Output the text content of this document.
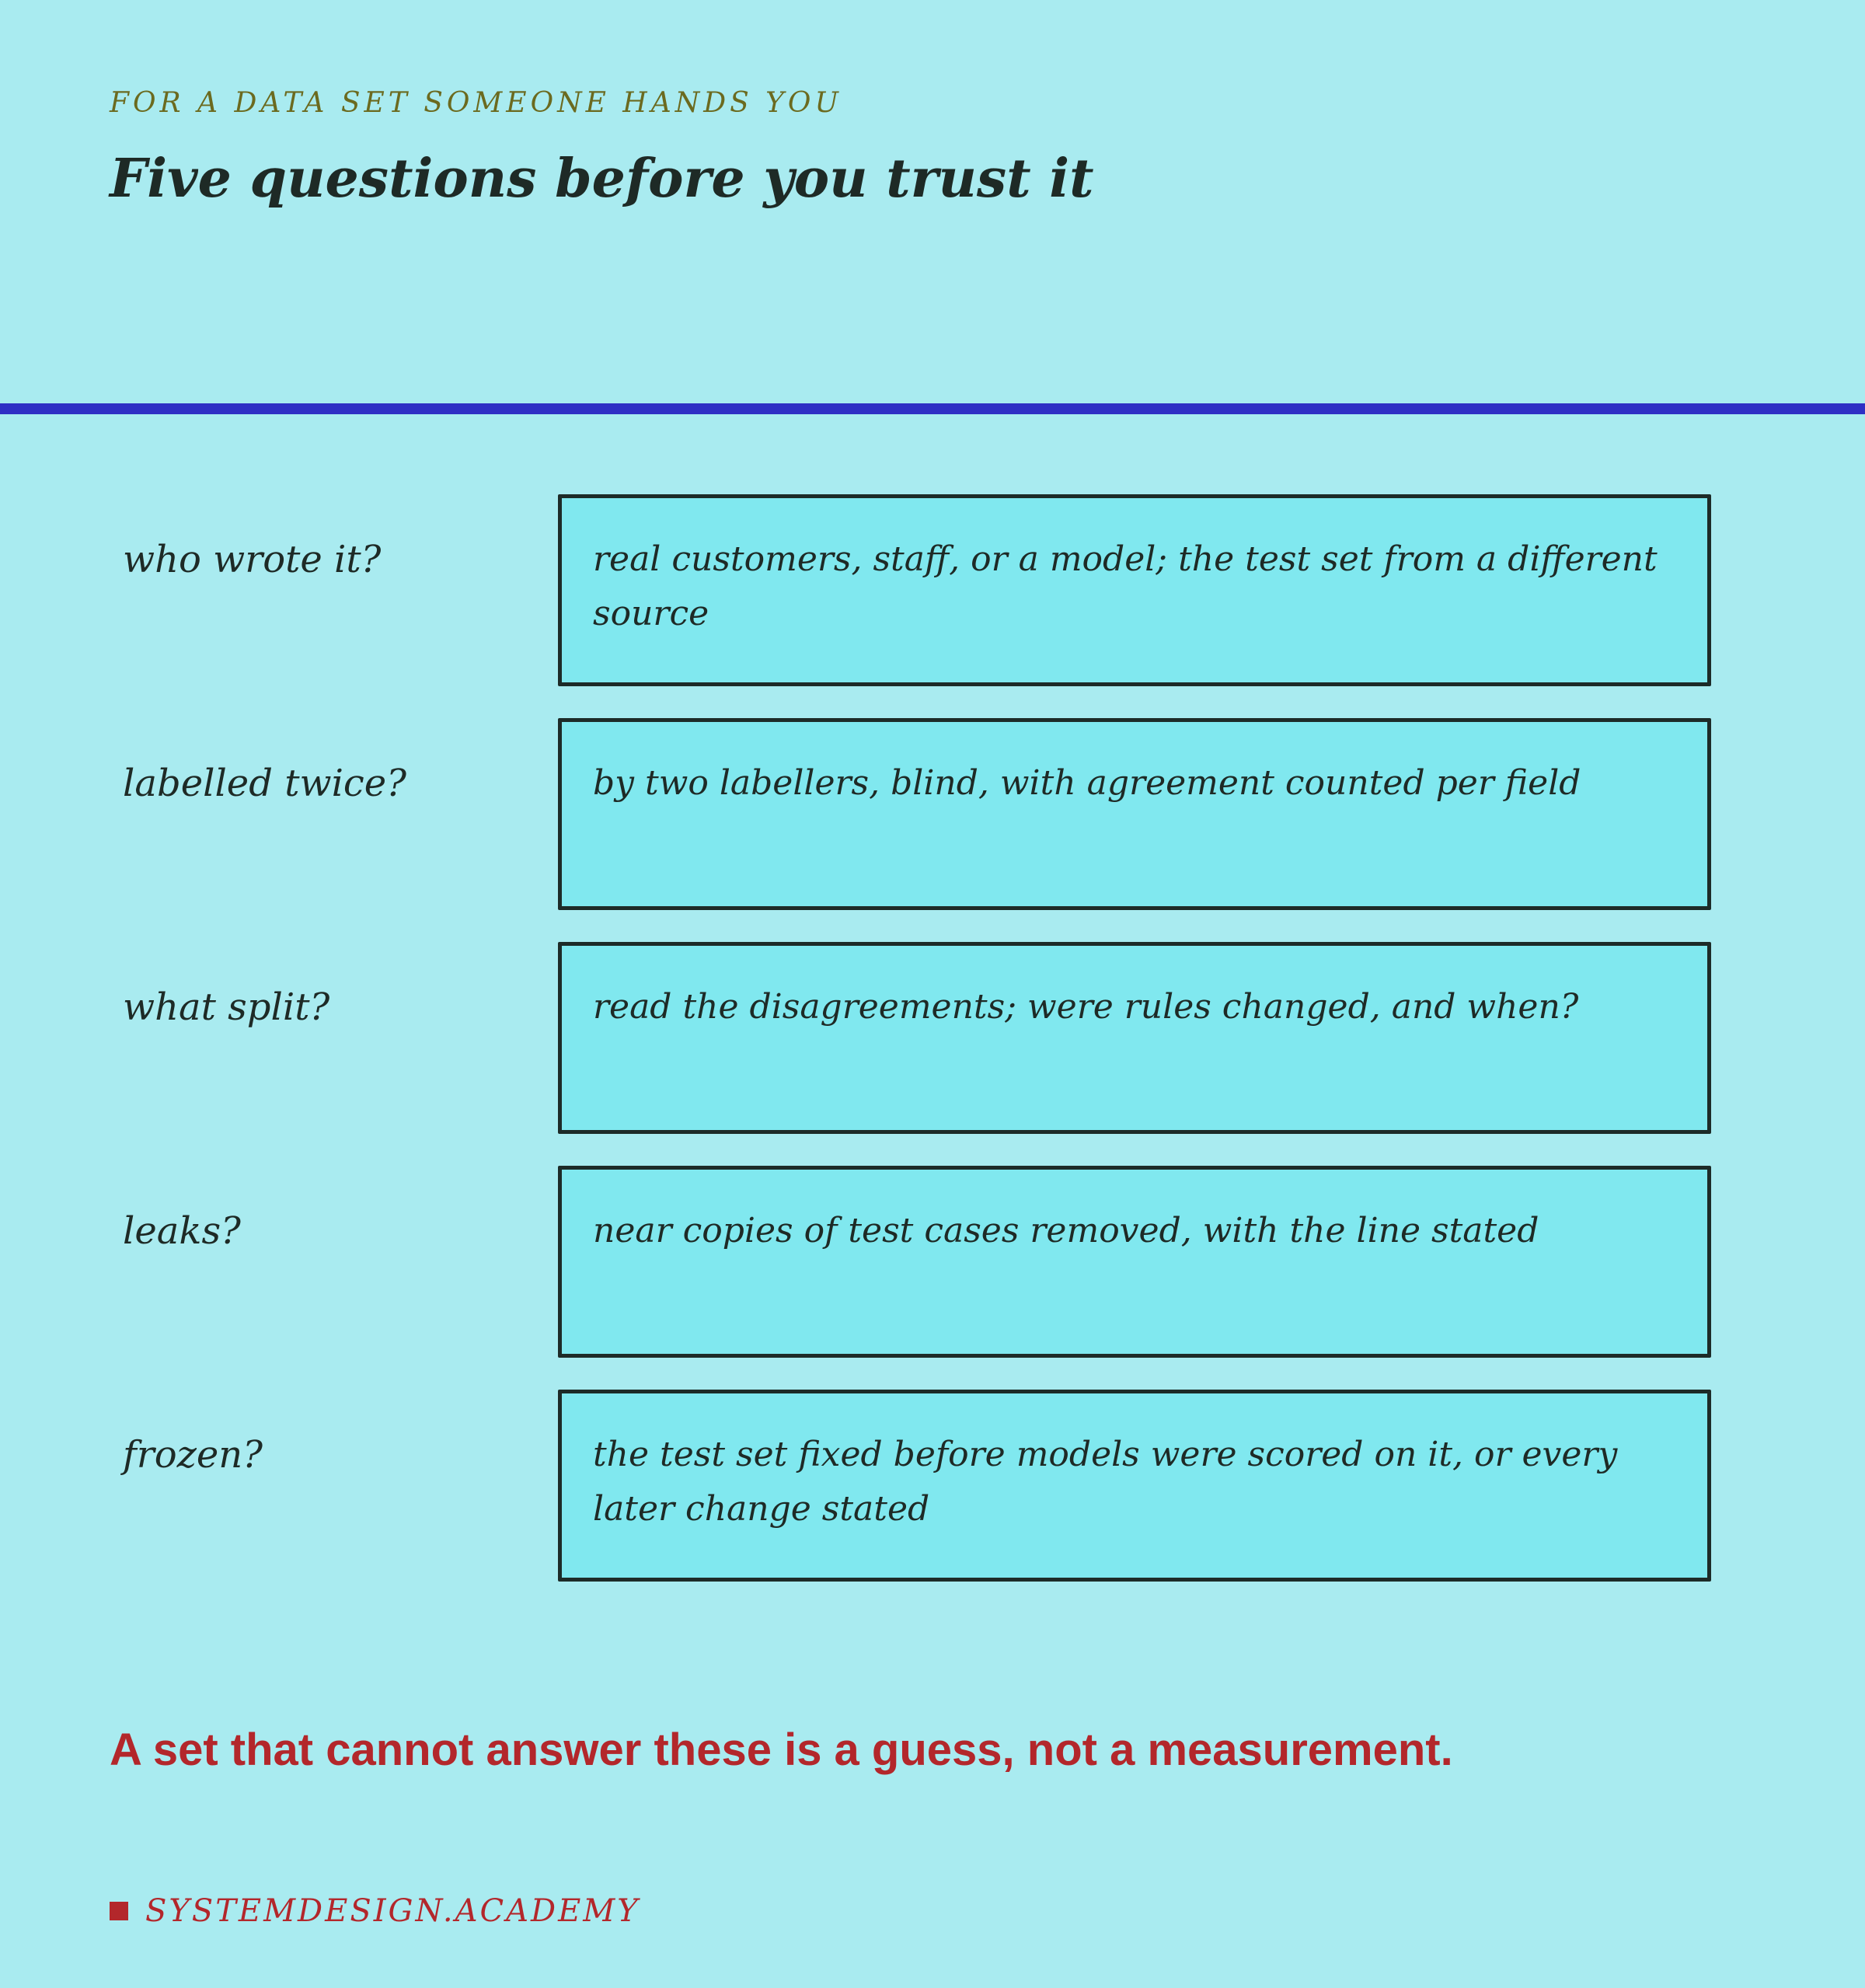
FOR A DATA SET SOMEONE HANDS YOU
Five questions before you trust it
who wrote it?	real customers, staff, or a model; the test set from a different source
labelled twice?	by two labellers, blind, with agreement counted per field
what split?	read the disagreements; were rules changed, and when?
leaks?	near copies of test cases removed, with the line stated
frozen?	the test set fixed before models were scored on it, or every later change stated
A set that cannot answer these is a guess, not a measurement.
SYSTEMDESIGN.ACADEMY
